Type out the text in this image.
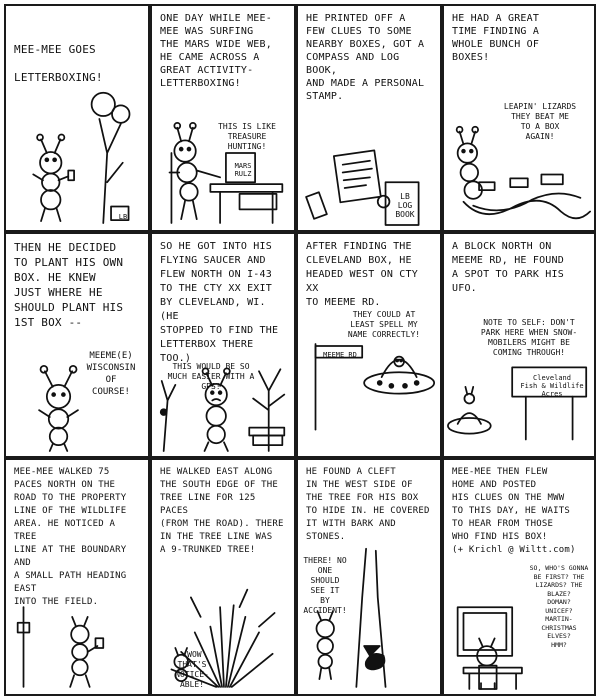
MEE-MEE GOES
LETTERBOXING!
LB
ONE DAY WHILE MEE-
MEE WAS SURFING
THE MARS WIDE WEB,
HE CAME ACROSS A
GREAT ACTIVITY-
LETTERBOXING!
THIS IS LIKE
TREASURE
HUNTING!
MARS
RULZ
HE PRINTED OFF A
FEW CLUES TO SOME
NEARBY BOXES, GOT A
COMPASS AND LOG BOOK,
AND MADE A PERSONAL
STAMP.
LB
LOG
BOOK
HE HAD A GREAT
TIME FINDING A
WHOLE BUNCH OF
BOXES!
LEAPIN' LIZARDS
THEY BEAT ME
TO A BOX
AGAIN!
THEN HE DECIDED
TO PLANT HIS OWN
BOX. HE KNEW
JUST WHERE HE
SHOULD PLANT HIS
1ST BOX --
MEEME(E)
WISCONSIN
OF
COURSE!
SO HE GOT INTO HIS
FLYING SAUCER AND
FLEW NORTH ON I-43
TO THE CTY XX EXIT
BY CLEVELAND, WI. (HE
STOPPED TO FIND THE
LETTERBOX THERE TOO.)
THIS WOULD BE SO
MUCH EASIER WITH A GPS!
AFTER FINDING THE
CLEVELAND BOX, HE
HEADED WEST ON CTY XX
TO MEEME RD.
THEY COULD AT
LEAST SPELL MY
NAME CORRECTLY!
MEEME RD
A BLOCK NORTH ON
MEEME RD, HE FOUND
A SPOT TO PARK HIS
UFO.
NOTE TO SELF: DON'T
PARK HERE WHEN SNOW-
MOBILERS MIGHT BE
COMING THROUGH!
Cleveland
Fish & Wildlife
Acres
MEE-MEE WALKED 75
PACES NORTH ON THE
ROAD TO THE PROPERTY
LINE OF THE WILDLIFE
AREA. HE NOTICED A TREE
LINE AT THE BOUNDARY AND
A SMALL PATH HEADING EAST
INTO THE FIELD.
HE WALKED EAST ALONG
THE SOUTH EDGE OF THE
TREE LINE FOR 125 PACES
(FROM THE ROAD). THERE
IN THE TREE LINE WAS
A 9-TRUNKED TREE!
-WOW
THAT'S
NOTICE-
ABLE!
HE FOUND A CLEFT
IN THE WEST SIDE OF
THE TREE FOR HIS BOX
TO HIDE IN. HE COVERED
IT WITH BARK AND STONES.
THERE! NO
ONE
SHOULD
SEE IT
BY ACCIDENT!
MEE-MEE THEN FLEW
HOME AND POSTED
HIS CLUES ON THE MWW
TO THIS DAY, HE WAITS
TO HEAR FROM THOSE
WHO FIND HIS BOX!
(+ Krichl @ Wiltt.com)
SO, WHO'S GONNA
BE FIRST? THE
LIZARDS? THE
BLAZE?
DOMAN?
UNICEF?
MARTIN-
CHRISTMAS
ELVES?
HMM?
